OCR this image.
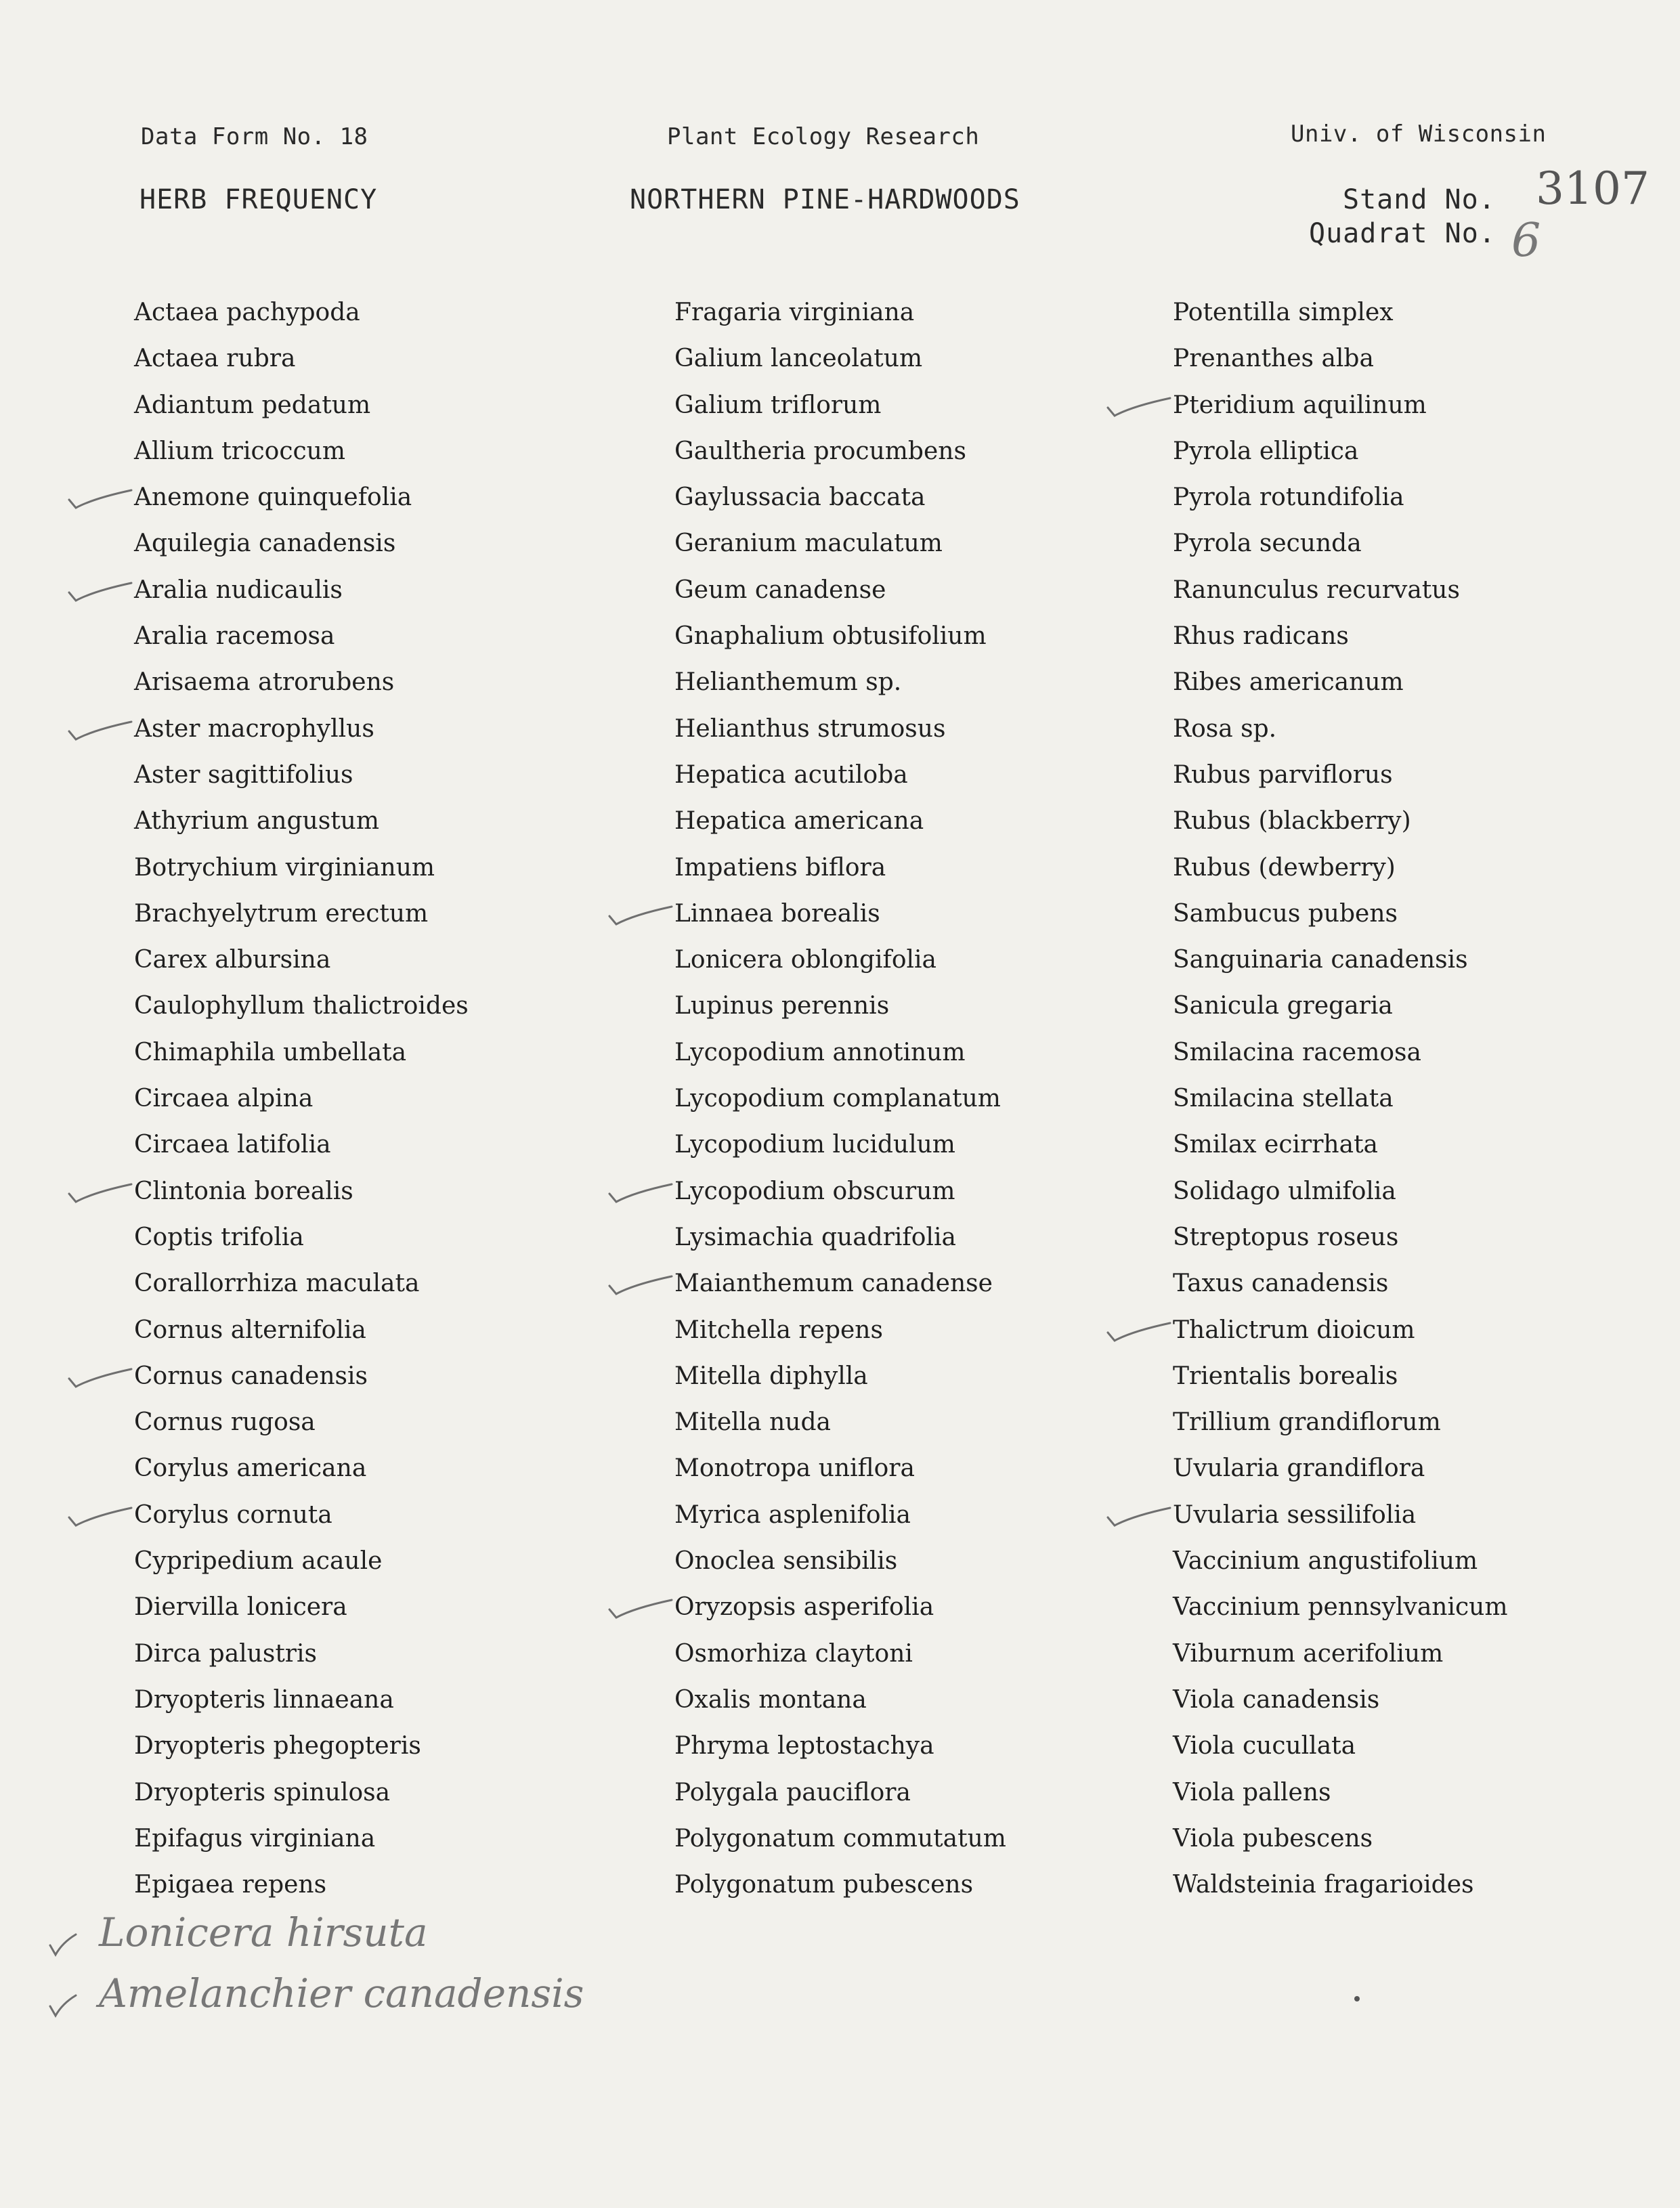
Data Form No. 18	Plant Ecology Research	Univ. of Wisconsin
HERB FREQUENCY	NORTHERN PINE-HARDWOODS	Stand No. 3107
Quadrat No. 6
Actaea pachypoda
Actaea rubra
Adiantum pedatum
Allium tricoccum
Anemone quinquefolia
Aquilegia canadensis
Aralia nudicaulis
Aralia racemosa
Arisaema atrorubens
Aster macrophyllus
Aster sagittifolius
Athyrium angustum
Botrychium virginianum
Brachyelytrum erectum
Carex albursina
Caulophyllum thalictroides
Chimaphila umbellata
Circaea alpina
Circaea latifolia
Clintonia borealis
Coptis trifolia
Corallorrhiza maculata
Cornus alternifolia
Cornus canadensis
Cornus rugosa
Corylus americana
Corylus cornuta
Cypripedium acaule
Diervilla lonicera
Dirca palustris
Dryopteris linnaeana
Dryopteris phegopteris
Dryopteris spinulosa
Epifagus virginiana
Epigaea repens
Fragaria virginiana
Galium lanceolatum
Galium triflorum
Gaultheria procumbens
Gaylussacia baccata
Geranium maculatum
Geum canadense
Gnaphalium obtusifolium
Helianthemum sp.
Helianthus strumosus
Hepatica acutiloba
Hepatica americana
Impatiens biflora
Linnaea borealis
Lonicera oblongifolia
Lupinus perennis
Lycopodium annotinum
Lycopodium complanatum
Lycopodium lucidulum
Lycopodium obscurum
Lysimachia quadrifolia
Maianthemum canadense
Mitchella repens
Mitella diphylla
Mitella nuda
Monotropa uniflora
Myrica asplenifolia
Onoclea sensibilis
Oryzopsis asperifolia
Osmorhiza claytoni
Oxalis montana
Phryma leptostachya
Polygala pauciflora
Polygonatum commutatum
Polygonatum pubescens
Potentilla simplex
Prenanthes alba
Pteridium aquilinum
Pyrola elliptica
Pyrola rotundifolia
Pyrola secunda
Ranunculus recurvatus
Rhus radicans
Ribes americanum
Rosa sp.
Rubus parviflorus
Rubus (blackberry)
Rubus (dewberry)
Sambucus pubens
Sanguinaria canadensis
Sanicula gregaria
Smilacina racemosa
Smilacina stellata
Smilax ecirrhata
Solidago ulmifolia
Streptopus roseus
Taxus canadensis
Thalictrum dioicum
Trientalis borealis
Trillium grandiflorum
Uvularia grandiflora
Uvularia sessilifolia
Vaccinium angustifolium
Vaccinium pennsylvanicum
Viburnum acerifolium
Viola canadensis
Viola cucullata
Viola pallens
Viola pubescens
Waldsteinia fragarioides
Lonicera hirsuta
Amelanchier canadensis
